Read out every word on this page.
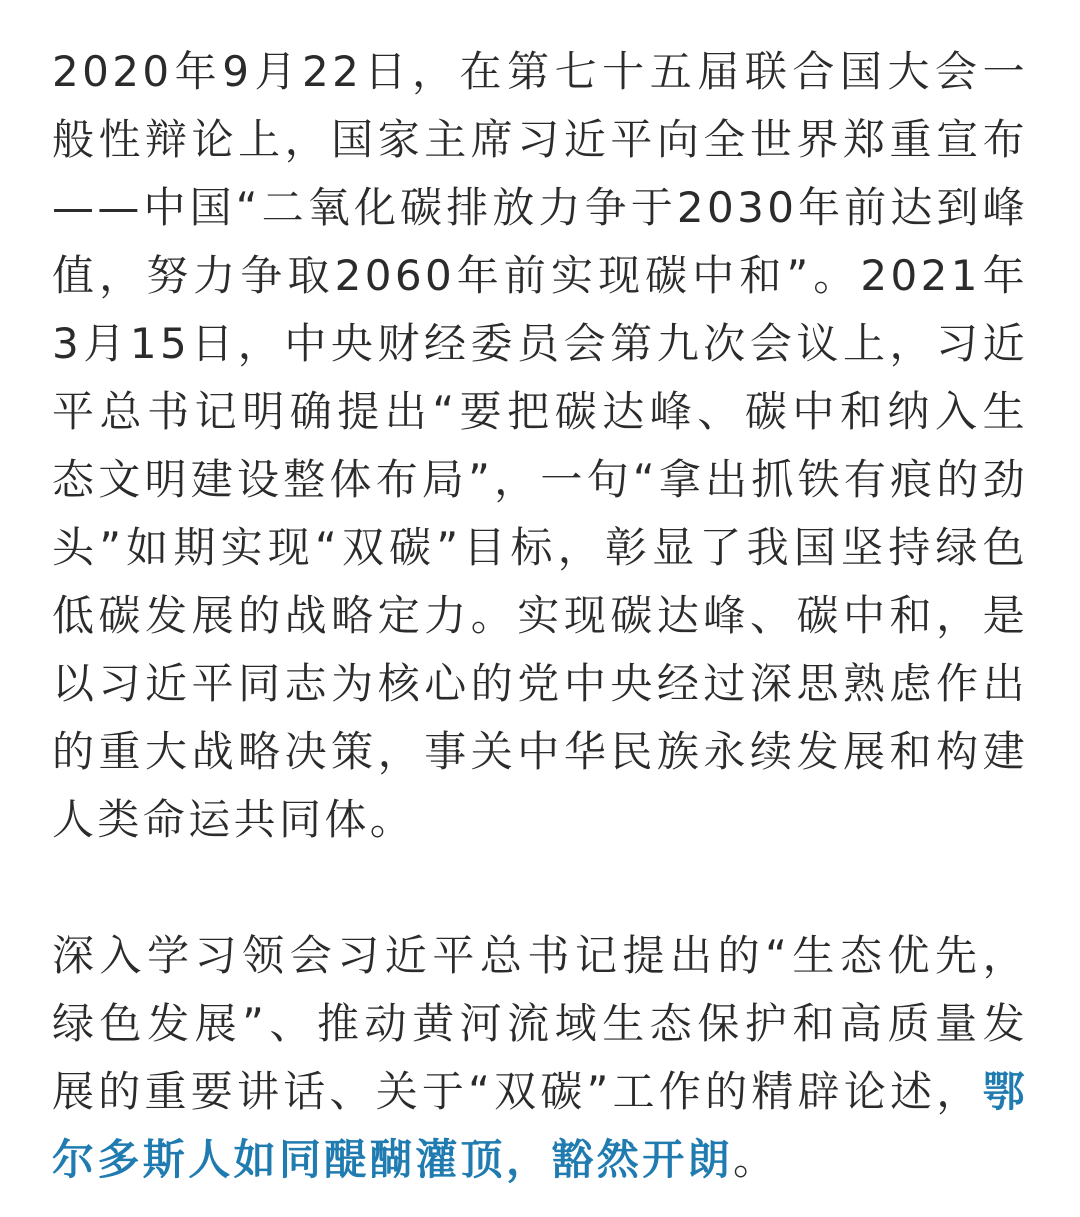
2020年9月22日，在第七十五届联合国大会一般性辩论上，国家主席习近平向全世界郑重宣布——中国“二氧化碳排放力争于2030年前达到峰值，努力争取2060年前实现碳中和”。2021年3月15日，中央财经委员会第九次会议上，习近平总书记明确提出“要把碳达峰、碳中和纳入生态文明建设整体布局”，一句“拿出抓铁有痕的劲头”如期实现“双碳”目标，彰显了我国坚持绿色低碳发展的战略定力。实现碳达峰、碳中和，是以习近平同志为核心的党中央经过深思熟虑作出的重大战略决策，事关中华民族永续发展和构建人类命运共同体。

深入学习领会习近平总书记提出的“生态优先，绿色发展”、推动黄河流域生态保护和高质量发展的重要讲话、关于“双碳”工作的精辟论述，鄂尔多斯人如同醍醐灌顶，豁然开朗。
